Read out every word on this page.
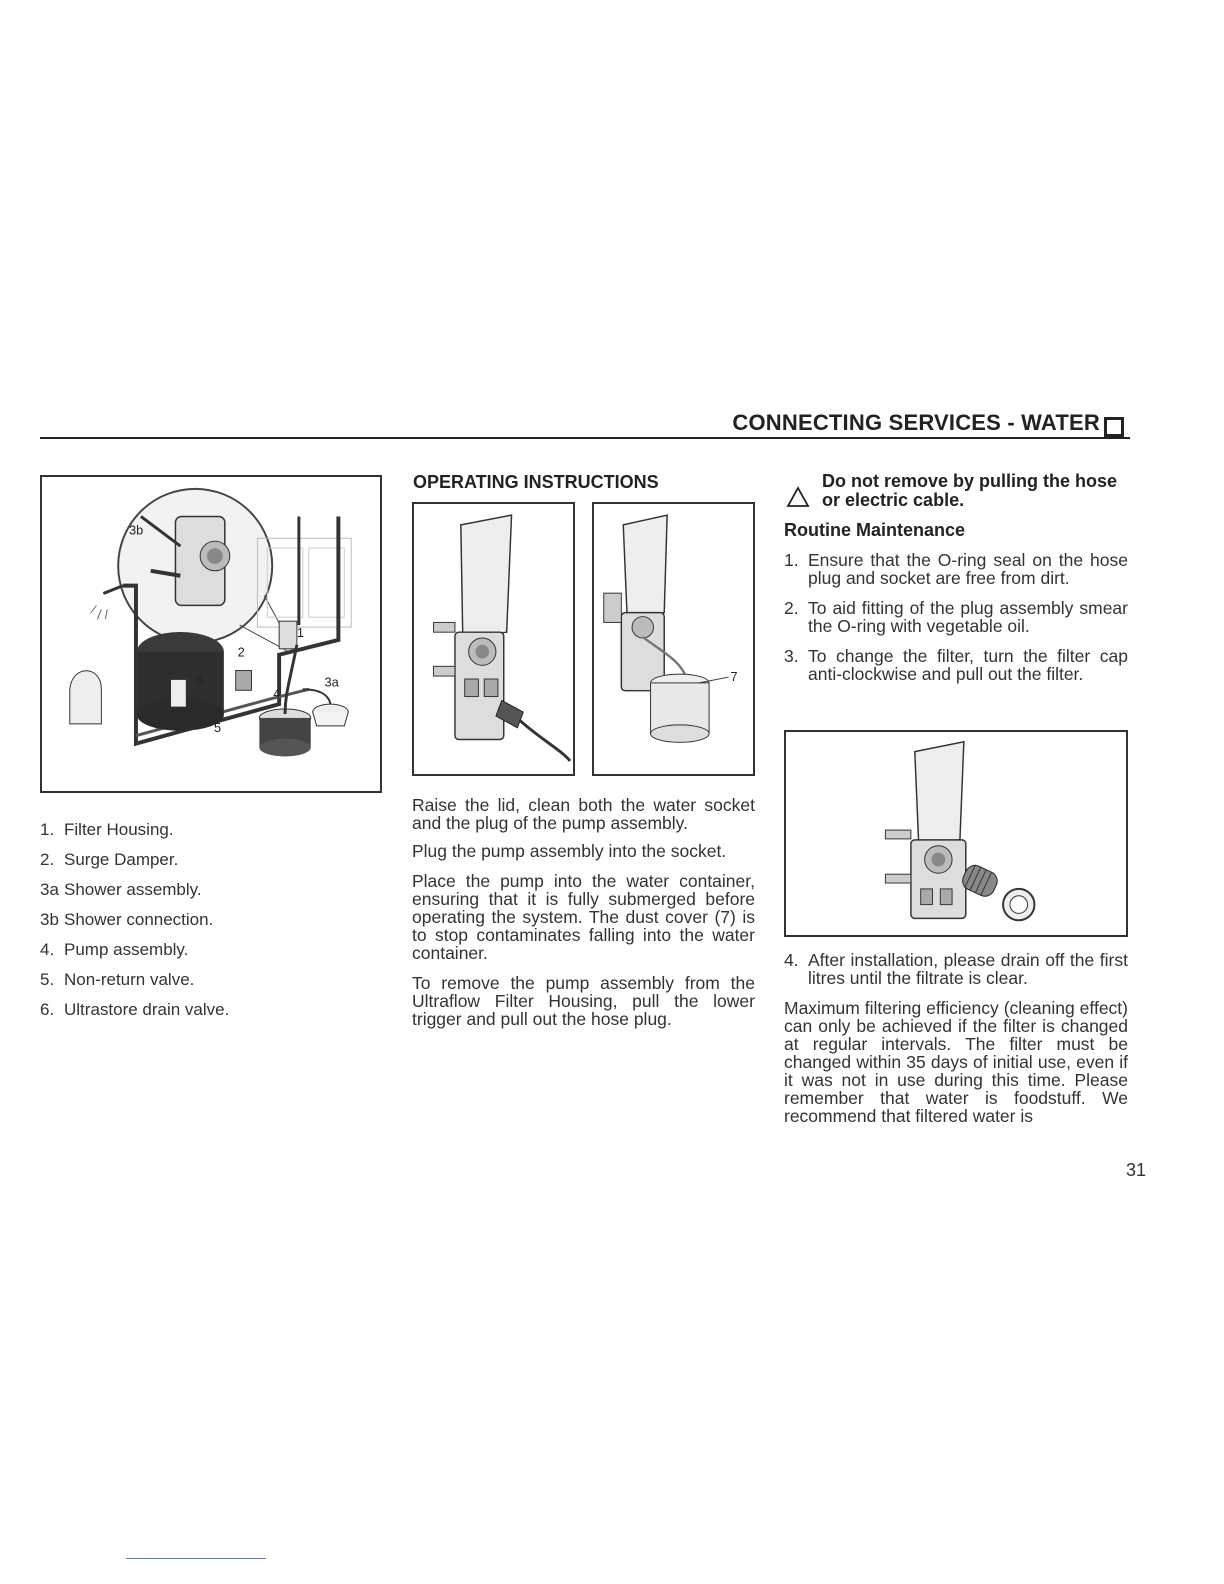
CONNECTING SERVICES - WATER
3b
1
2
6	3a
4
5
1. Filter Housing.
2. Surge Damper.
3a Shower assembly.
3b Shower connection.
4. Pump assembly.
5. Non-return valve.
6. Ultrastore drain valve.
OPERATING INSTRUCTIONS
7

Raise the lid, clean both the water socket and the plug of the pump assembly.

Plug the pump assembly into the socket.

Place the pump into the water container, ensuring that it is fully submerged before operating the system. The dust cover (7) is to stop contaminates falling into the water container.

To remove the pump assembly from the Ultraflow Filter Housing, pull the lower trigger and pull out the hose plug.

Do not remove by pulling the hose or electric cable.
Routine Maintenance
1. Ensure that the O-ring seal on the hose plug and socket are free from dirt.
2. To aid fitting of the plug assembly smear the O-ring with vegetable oil.
3. To change the filter, turn the filter cap anti-clockwise and pull out the filter.
4. After installation, please drain off the first litres until the filtrate is clear.

Maximum filtering efficiency (cleaning effect) can only be achieved if the filter is changed at regular intervals. The filter must be changed within 35 days of initial use, even if it was not in use during this time. Please remember that water is foodstuff. We recommend that filtered water is

31
